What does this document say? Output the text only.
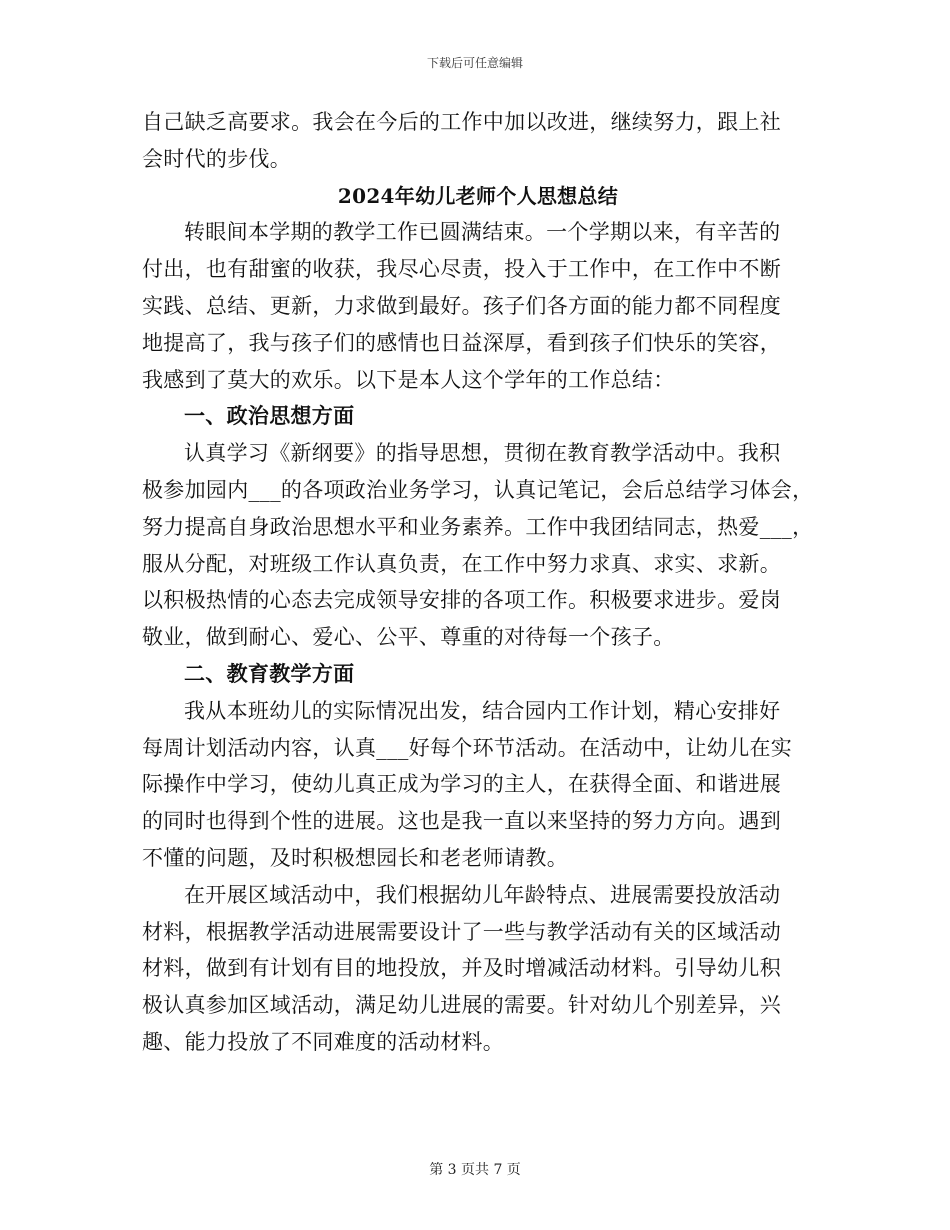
下载后可任意编辑
自己缺乏高要求。我会在今后的工作中加以改进，继续努力，跟上社
会时代的步伐。
2024年幼儿老师个人思想总结
转眼间本学期的教学工作已圆满结束。一个学期以来，有辛苦的
付出，也有甜蜜的收获，我尽心尽责，投入于工作中，在工作中不断
实践、总结、更新，力求做到最好。孩子们各方面的能力都不同程度
地提高了，我与孩子们的感情也日益深厚，看到孩子们快乐的笑容，
我感到了莫大的欢乐。以下是本人这个学年的工作总结：
一、政治思想方面
认真学习《新纲要》的指导思想，贯彻在教育教学活动中。我积
极参加园内___的各项政治业务学习，认真记笔记，会后总结学习体会，
努力提高自身政治思想水平和业务素养。工作中我团结同志，热爱___，
服从分配，对班级工作认真负责，在工作中努力求真、求实、求新。
以积极热情的心态去完成领导安排的各项工作。积极要求进步。爱岗
敬业，做到耐心、爱心、公平、尊重的对待每一个孩子。
二、教育教学方面
我从本班幼儿的实际情况出发，结合园内工作计划，精心安排好
每周计划活动内容，认真___好每个环节活动。在活动中，让幼儿在实
际操作中学习，使幼儿真正成为学习的主人，在获得全面、和谐进展
的同时也得到个性的进展。这也是我一直以来坚持的努力方向。遇到
不懂的问题，及时积极想园长和老老师请教。
在开展区域活动中，我们根据幼儿年龄特点、进展需要投放活动
材料，根据教学活动进展需要设计了一些与教学活动有关的区域活动
材料，做到有计划有目的地投放，并及时增减活动材料。引导幼儿积
极认真参加区域活动，满足幼儿进展的需要。针对幼儿个别差异，兴
趣、能力投放了不同难度的活动材料。
第 3 页共 7 页
